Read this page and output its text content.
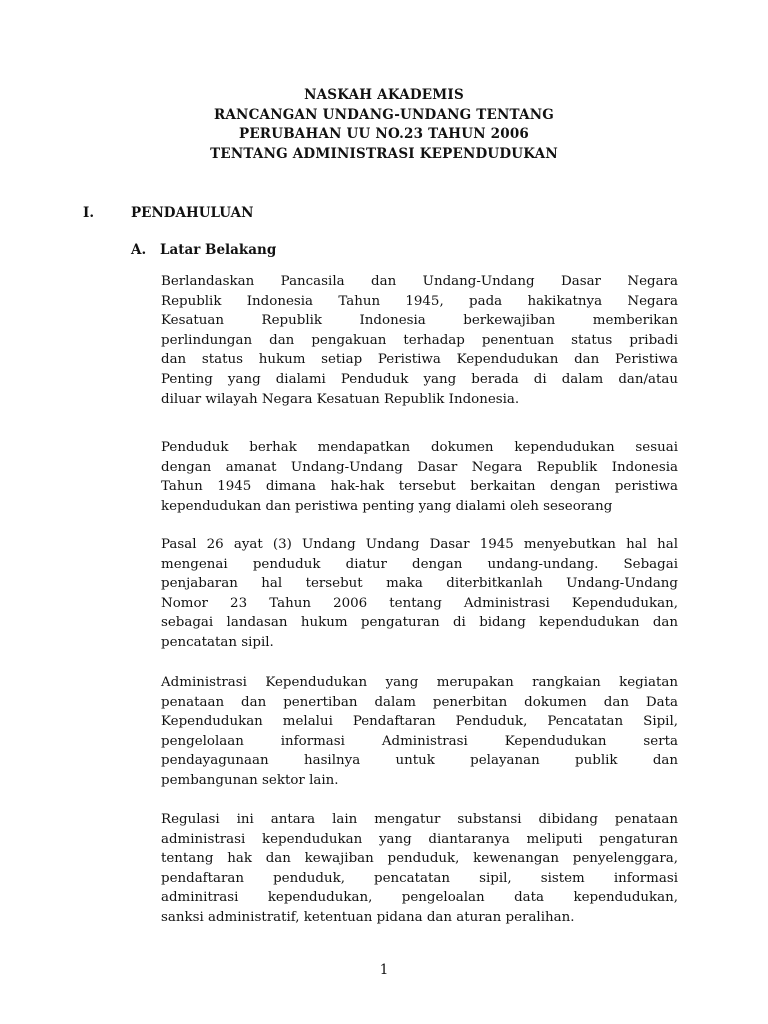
NASKAH AKADEMIS
RANCANGAN UNDANG-UNDANG TENTANG
PERUBAHAN UU NO.23 TAHUN 2006
TENTANG ADMINISTRASI KEPENDUDUKAN
I.	PENDAHULUAN
A. Latar Belakang
Berlandaskan Pancasila dan Undang-Undang Dasar Negara
Republik Indonesia Tahun 1945, pada hakikatnya Negara
Kesatuan Republik Indonesia berkewajiban memberikan
perlindungan dan pengakuan terhadap penentuan status pribadi
dan status hukum setiap Peristiwa Kependudukan dan Peristiwa
Penting yang dialami Penduduk yang berada di dalam dan/atau
diluar wilayah Negara Kesatuan Republik Indonesia.
Penduduk berhak mendapatkan dokumen kependudukan sesuai
dengan amanat Undang-Undang Dasar Negara Republik Indonesia
Tahun 1945 dimana hak-hak tersebut berkaitan dengan peristiwa
kependudukan dan peristiwa penting yang dialami oleh seseorang
Pasal 26 ayat (3) Undang Undang Dasar 1945 menyebutkan hal hal
mengenai penduduk diatur dengan undang-undang. Sebagai
penjabaran hal tersebut maka diterbitkanlah Undang-Undang
Nomor 23 Tahun 2006 tentang Administrasi Kependudukan,
sebagai landasan hukum pengaturan di bidang kependudukan dan
pencatatan sipil.
Administrasi Kependudukan yang merupakan rangkaian kegiatan
penataan dan penertiban dalam penerbitan dokumen dan Data
Kependudukan melalui Pendaftaran Penduduk, Pencatatan Sipil,
pengelolaan informasi Administrasi Kependudukan serta
pendayagunaan hasilnya untuk pelayanan publik dan
pembangunan sektor lain.
Regulasi ini antara lain mengatur substansi dibidang penataan
administrasi kependudukan yang diantaranya meliputi pengaturan
tentang hak dan kewajiban penduduk, kewenangan penyelenggara,
pendaftaran penduduk, pencatatan sipil, sistem informasi
adminitrasi kependudukan, pengeloalan data kependudukan,
sanksi administratif, ketentuan pidana dan aturan peralihan.
1
